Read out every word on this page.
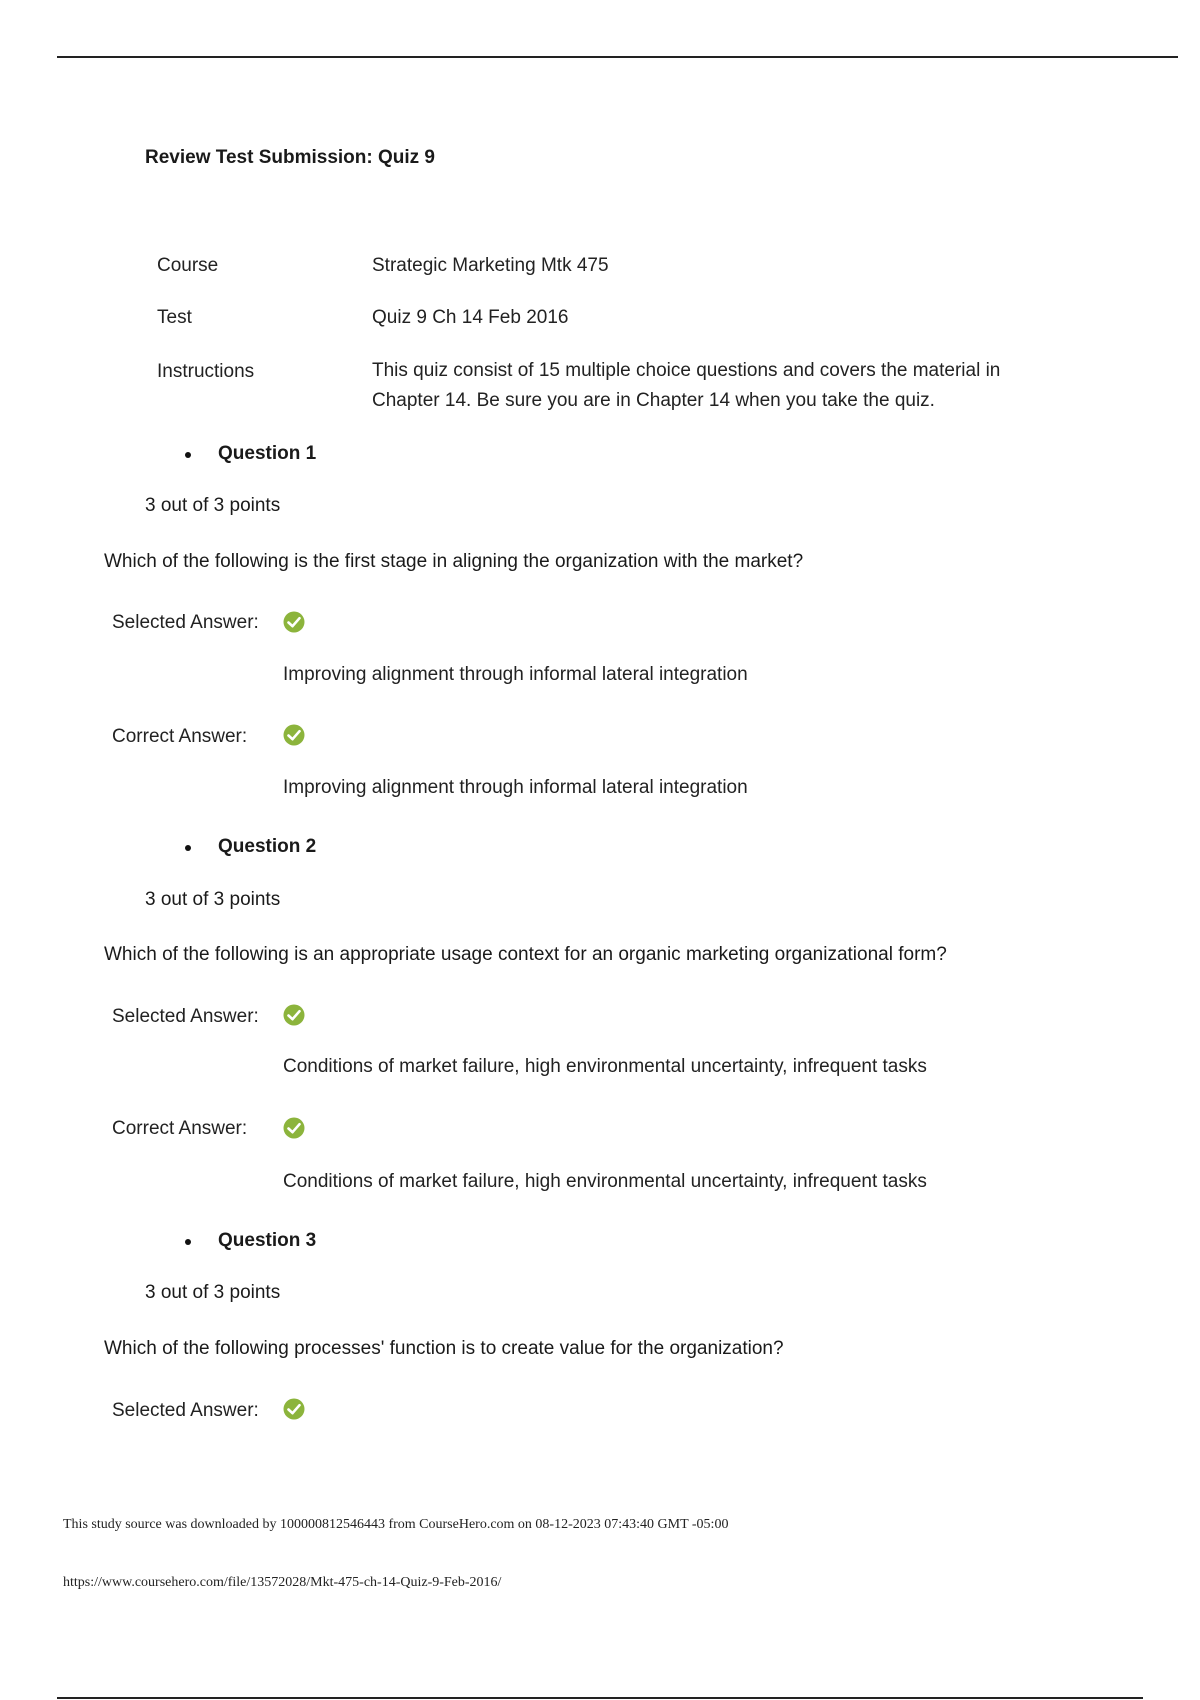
Review Test Submission: Quiz 9
Course	Strategic Marketing Mtk 475
Test	Quiz 9 Ch 14 Feb 2016
Instructions	This quiz consist of 15 multiple choice questions and covers the material in Chapter 14. Be sure you are in Chapter 14 when you take the quiz.
Question 1
3 out of 3 points
Which of the following is the first stage in aligning the organization with the market?
Selected Answer:
Improving alignment through informal lateral integration
Correct Answer:
Improving alignment through informal lateral integration
Question 2
3 out of 3 points
Which of the following is an appropriate usage context for an organic marketing organizational form?
Selected Answer:
Conditions of market failure, high environmental uncertainty, infrequent tasks
Correct Answer:
Conditions of market failure, high environmental uncertainty, infrequent tasks
Question 3
3 out of 3 points
Which of the following processes' function is to create value for the organization?
Selected Answer:
This study source was downloaded by 100000812546443 from CourseHero.com on 08-12-2023 07:43:40 GMT -05:00
https://www.coursehero.com/file/13572028/Mkt-475-ch-14-Quiz-9-Feb-2016/
